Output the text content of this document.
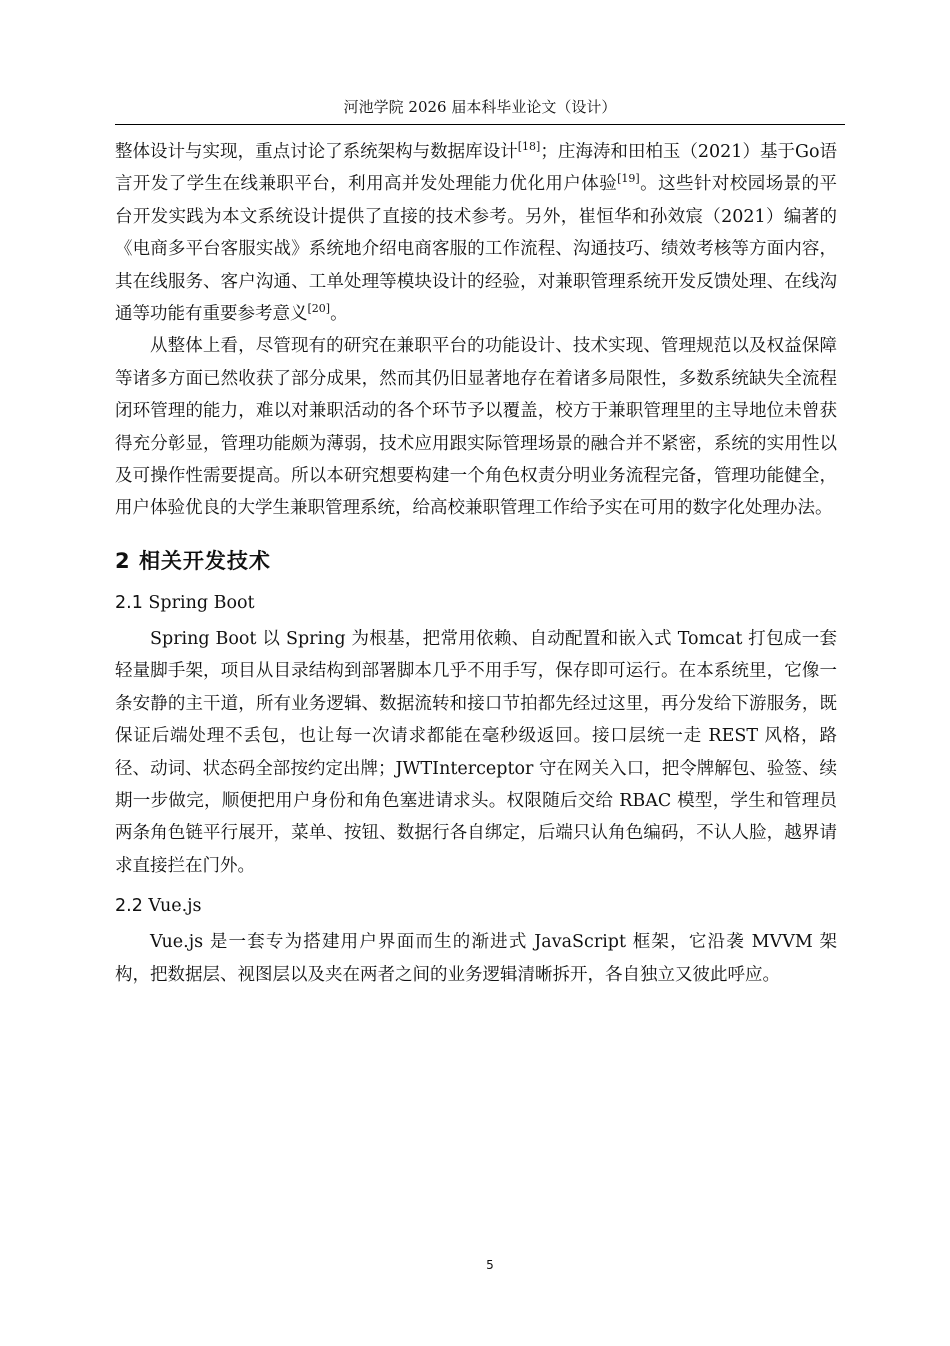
河池学院 2026 届本科毕业论文（设计）

整体设计与实现，重点讨论了系统架构与数据库设计[18]；庄海涛和田柏玉（2021）基于Go语言开发了学生在线兼职平台，利用高并发处理能力优化用户体验[19]。这些针对校园场景的平台开发实践为本文系统设计提供了直接的技术参考。另外，崔恒华和孙效宸（2021）编著的《电商多平台客服实战》系统地介绍电商客服的工作流程、沟通技巧、绩效考核等方面内容，其在线服务、客户沟通、工单处理等模块设计的经验，对兼职管理系统开发反馈处理、在线沟通等功能有重要参考意义[20]。

从整体上看，尽管现有的研究在兼职平台的功能设计、技术实现、管理规范以及权益保障等诸多方面已然收获了部分成果，然而其仍旧显著地存在着诸多局限性，多数系统缺失全流程闭环管理的能力，难以对兼职活动的各个环节予以覆盖，校方于兼职管理里的主导地位未曾获得充分彰显，管理功能颇为薄弱，技术应用跟实际管理场景的融合并不紧密，系统的实用性以及可操作性需要提高。所以本研究想要构建一个角色权责分明业务流程完备，管理功能健全，用户体验优良的大学生兼职管理系统，给高校兼职管理工作给予实在可用的数字化处理办法。

2 相关开发技术
2.1 Spring Boot

Spring Boot 以 Spring 为根基，把常用依赖、自动配置和嵌入式 Tomcat 打包成一套轻量脚手架，项目从目录结构到部署脚本几乎不用手写，保存即可运行。在本系统里，它像一条安静的主干道，所有业务逻辑、数据流转和接口节拍都先经过这里，再分发给下游服务，既保证后端处理不丢包，也让每一次请求都能在毫秒级返回。接口层统一走 REST 风格，路径、动词、状态码全部按约定出牌；JWTInterceptor 守在网关入口，把令牌解包、验签、续期一步做完，顺便把用户身份和角色塞进请求头。权限随后交给 RBAC 模型，学生和管理员两条角色链平行展开，菜单、按钮、数据行各自绑定，后端只认角色编码，不认人脸，越界请求直接拦在门外。

2.2 Vue.js

Vue.js 是一套专为搭建用户界面而生的渐进式 JavaScript 框架，它沿袭 MVVM 架构，把数据层、视图层以及夹在两者之间的业务逻辑清晰拆开，各自独立又彼此呼应。

5
